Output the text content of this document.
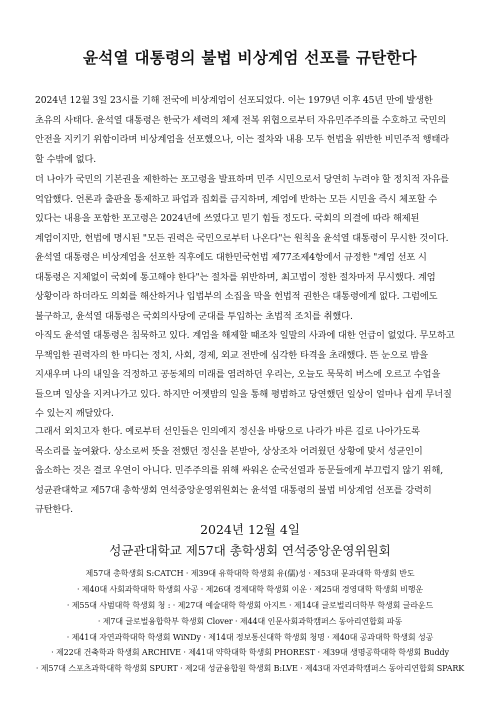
윤석열 대통령의 불법 비상계엄 선포를 규탄한다
2024년 12월 3일 23시를 기해 전국에 비상계엄이 선포되었다. 이는 1979년 이후 45년 만에 발생한
초유의 사태다. 윤석열 대통령은 한국가 세력의 체제 전복 위협으로부터 자유민주주의를 수호하고 국민의
안전을 지키기 위함이라며 비상계엄을 선포했으나, 이는 절차와 내용 모두 헌법을 위반한 비민주적 행태라
할 수밖에 없다.
더 나아가 국민의 기본권을 제한하는 포고령을 발표하며 민주 시민으로서 당연히 누려야 할 정치적 자유를
억압했다. 언론과 출판을 통제하고 파업과 집회를 금지하며, 계엄에 반하는 모든 시민을 즉시 체포할 수
있다는 내용을 포함한 포고령은 2024년에 쓰였다고 믿기 힘들 정도다. 국회의 의결에 따라 해제된
계엄이지만, 헌법에 명시된 "모든 권력은 국민으로부터 나온다"는 원칙을 윤석열 대통령이 무시한 것이다.
윤석열 대통령은 비상계엄을 선포한 직후에도 대한민국헌법 제77조제4항에서 규정한 "계엄 선포 시
대통령은 지체없이 국회에 통고해야 한다"는 절차를 위반하며, 최고법이 정한 절차마저 무시했다. 계엄
상황이라 하더라도 의회를 해산하거나 입법부의 소집을 막을 헌법적 권한은 대통령에게 없다. 그럼에도
불구하고, 윤석열 대통령은 국회의사당에 군대를 투입하는 초법적 조치를 취했다.
아직도 윤석열 대통령은 침묵하고 있다. 계엄을 해제할 때조차 일말의 사과에 대한 언급이 없었다. 무모하고
무책임한 권력자의 한 마디는 정치, 사회, 경제, 외교 전반에 심각한 타격을 초래했다. 뜬 눈으로 밤을
지새우며 나의 내일을 걱정하고 공동체의 미래를 염려하던 우리는, 오늘도 묵묵히 버스에 오르고 수업을
들으며 일상을 지켜나가고 있다. 하지만 어젯밤의 일을 통해 평범하고 당연했던 일상이 얼마나 쉽게 무너질
수 있는지 깨달았다.
그래서 외치고자 한다. 예로부터 선인들은 인의예지 정신을 바탕으로 나라가 바른 길로 나아가도록
목소리를 높여왔다. 상소로써 뜻을 전했던 정신을 본받아, 상상조차 어려웠던 상황에 맞서 성균인이
웁소하는 것은 결코 우연이 아니다. 민주주의를 위해 싸워온 순국선열과 동문들에게 부끄럽지 않기 위해,
성균관대학교 제57대 총학생회 연석중앙운영위원회는 윤석열 대통령의 불법 비상계엄 선포를 강력히
규탄한다.
2024년 12월 4일
성균관대학교 제57대 총학생회 연석중앙운영위원회
제57대 총학생회 S:CATCH · 제39대 유학대학 학생회 유(儒)성 · 제53대 문과대학 학생회 반도
· 제40대 사회과학대학 학생회 사공 · 제26대 경제대학 학생회 이운 · 제25대 경영대학 학생회 비행운
· 제55대 사범대학 학생회 청 : · 제27대 예술대학 학생회 아지트 · 제14대 글로벌리더학부 학생회 글라운드
· 제7대 글로벌융합학부 학생회 Clover · 제44대 인문사회과학캠퍼스 동아리연합회 파동
· 제41대 자연과학대학 학생회 WiNDy · 제14대 정보통신대학 학생회 청명 · 제40대 공과대학 학생회 성공
· 제22대 건축학과 학생회 ARCHIVE · 제41대 약학대학 학생회 PHOREST · 제39대 생명공학대학 학생회 Buddy
· 제57대 스포츠과학대학 학생회 SPURT · 제2대 성균융합원 학생회 B:LVE · 제43대 자연과학캠퍼스 동아리연합회 SPARK
